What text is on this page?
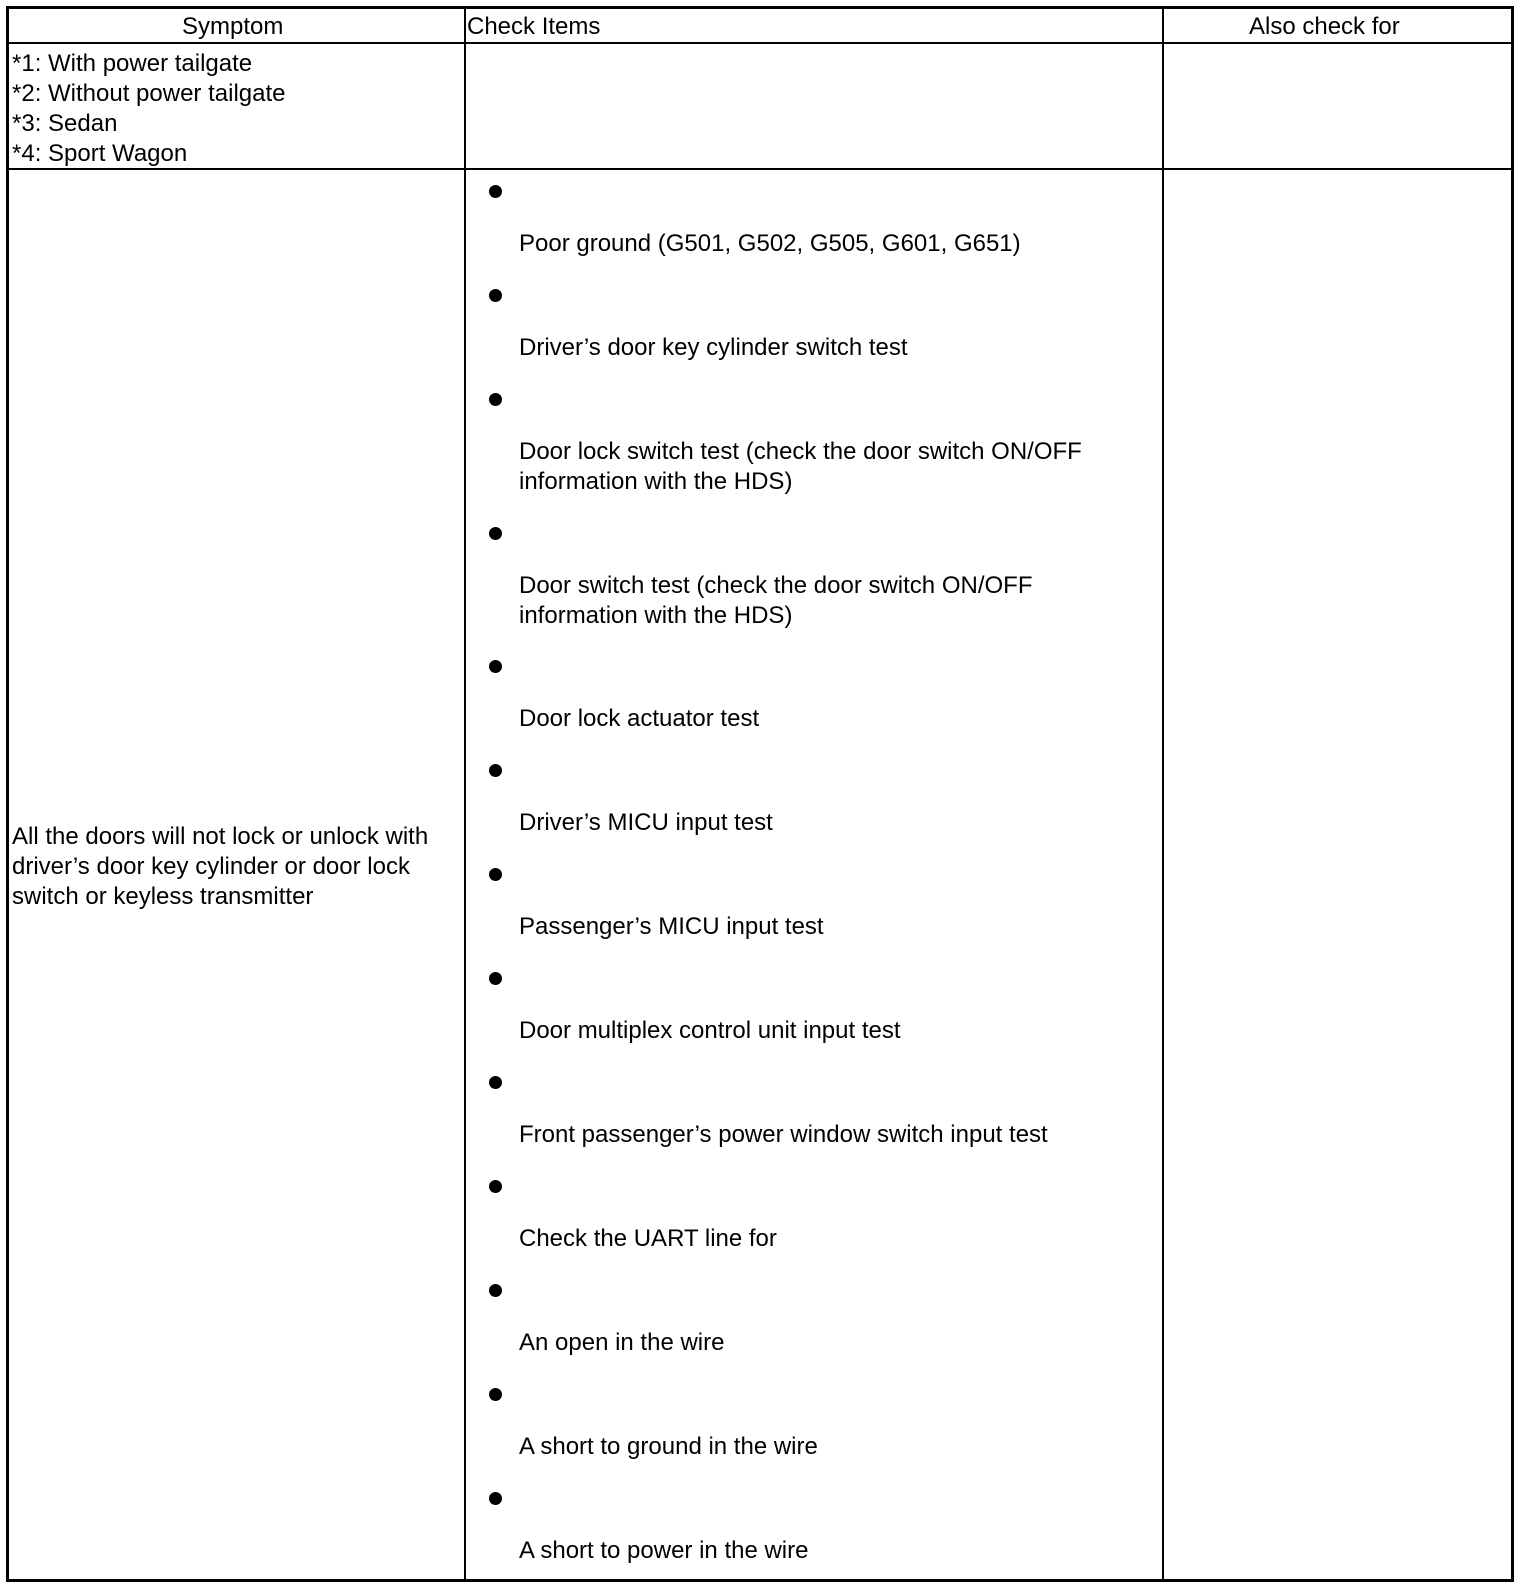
Symptom	Check Items	Also check for
*1: With power tailgate
*2: Without power tailgate
*3: Sedan
*4: Sport Wagon
All the doors will not lock or unlock with driver’s door key cylinder or door lock switch or keyless transmitter
Poor ground (G501, G502, G505, G601, G651)
Driver’s door key cylinder switch test
Door lock switch test (check the door switch ON/OFF information with the HDS)
Door switch test (check the door switch ON/OFF information with the HDS)
Door lock actuator test
Driver’s MICU input test
Passenger’s MICU input test
Door multiplex control unit input test
Front passenger’s power window switch input test
Check the UART line for
An open in the wire
A short to ground in the wire
A short to power in the wire
